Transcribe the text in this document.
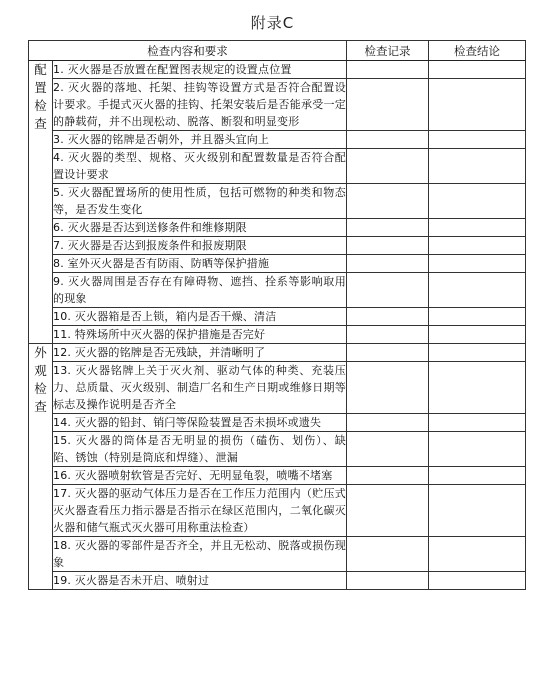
附录C
检查内容和要求		检查记录	检查结论
配置检查	1. 灭火器是否放置在配置图表规定的设置点位置		
	2. 灭火器的落地、托架、挂钩等设置方式是否符合配置设计要求。手提式灭火器的挂钩、托架安装后是否能承受一定的静载荷，并不出现松动、脱落、断裂和明显变形		
	3. 灭火器的铭牌是否朝外，并且器头宜向上		
	4. 灭火器的类型、规格、灭火级别和配置数量是否符合配置设计要求		
	5. 灭火器配置场所的使用性质，包括可燃物的种类和物态等，是否发生变化		
	6. 灭火器是否达到送修条件和维修期限		
	7. 灭火器是否达到报废条件和报废期限		
	8. 室外灭火器是否有防雨、防晒等保护措施		
	9. 灭火器周围是否存在有障碍物、遮挡、拴系等影响取用的现象		
	10. 灭火器箱是否上锁，箱内是否干燥、清洁		
	11. 特殊场所中灭火器的保护措施是否完好		
外观检查	12. 灭火器的铭牌是否无残缺，并清晰明了		
	13. 灭火器铭牌上关于灭火剂、驱动气体的种类、充装压力、总质量、灭火级别、制造厂名和生产日期或维修日期等标志及操作说明是否齐全		
	14. 灭火器的铅封、销闩等保险装置是否未损坏或遗失		
	15. 灭火器的筒体是否无明显的损伤（磕伤、划伤）、缺陷、锈蚀（特别是筒底和焊缝）、泄漏		
	16. 灭火器喷射软管是否完好、无明显龟裂，喷嘴不堵塞		
	17. 灭火器的驱动气体压力是否在工作压力范围内（贮压式灭火器查看压力指示器是否指示在绿区范围内，二氧化碳灭火器和储气瓶式灭火器可用称重法检查）		
	18. 灭火器的零部件是否齐全，并且无松动、脱落或损伤现象		
	19. 灭火器是否未开启、喷射过		
